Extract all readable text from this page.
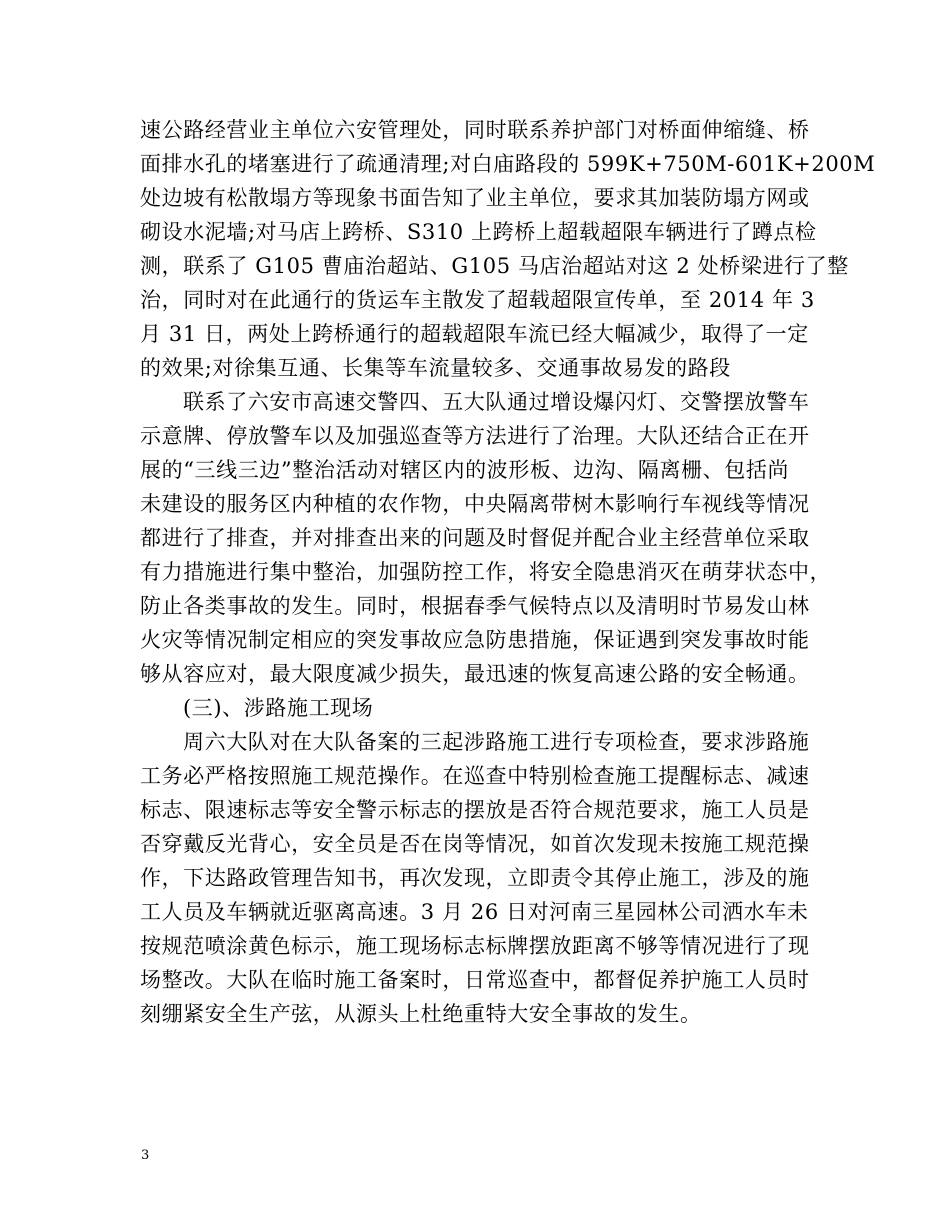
速公路经营业主单位六安管理处，同时联系养护部门对桥面伸缩缝、桥
面排水孔的堵塞进行了疏通清理;对白庙路段的 599K+750M-601K+200M
处边坡有松散塌方等现象书面告知了业主单位，要求其加装防塌方网或
砌设水泥墙;对马店上跨桥、S310 上跨桥上超载超限车辆进行了蹲点检
测，联系了 G105 曹庙治超站、G105 马店治超站对这 2 处桥梁进行了整
治，同时对在此通行的货运车主散发了超载超限宣传单，至 2014 年 3
月 31 日，两处上跨桥通行的超载超限车流已经大幅减少，取得了一定
的效果;对徐集互通、长集等车流量较多、交通事故易发的路段
联系了六安市高速交警四、五大队通过增设爆闪灯、交警摆放警车
示意牌、停放警车以及加强巡查等方法进行了治理。大队还结合正在开
展的“三线三边”整治活动对辖区内的波形板、边沟、隔离栅、包括尚
未建设的服务区内种植的农作物，中央隔离带树木影响行车视线等情况
都进行了排查，并对排查出来的问题及时督促并配合业主经营单位采取
有力措施进行集中整治，加强防控工作，将安全隐患消灭在萌芽状态中，
防止各类事故的发生。同时，根据春季气候特点以及清明时节易发山林
火灾等情况制定相应的突发事故应急防患措施，保证遇到突发事故时能
够从容应对，最大限度减少损失，最迅速的恢复高速公路的安全畅通。
(三)、涉路施工现场
周六大队对在大队备案的三起涉路施工进行专项检查，要求涉路施
工务必严格按照施工规范操作。在巡查中特别检查施工提醒标志、减速
标志、限速标志等安全警示标志的摆放是否符合规范要求，施工人员是
否穿戴反光背心，安全员是否在岗等情况，如首次发现未按施工规范操
作，下达路政管理告知书，再次发现，立即责令其停止施工，涉及的施
工人员及车辆就近驱离高速。3 月 26 日对河南三星园林公司洒水车未
按规范喷涂黄色标示，施工现场标志标牌摆放距离不够等情况进行了现
场整改。大队在临时施工备案时，日常巡查中，都督促养护施工人员时
刻绷紧安全生产弦，从源头上杜绝重特大安全事故的发生。
3
